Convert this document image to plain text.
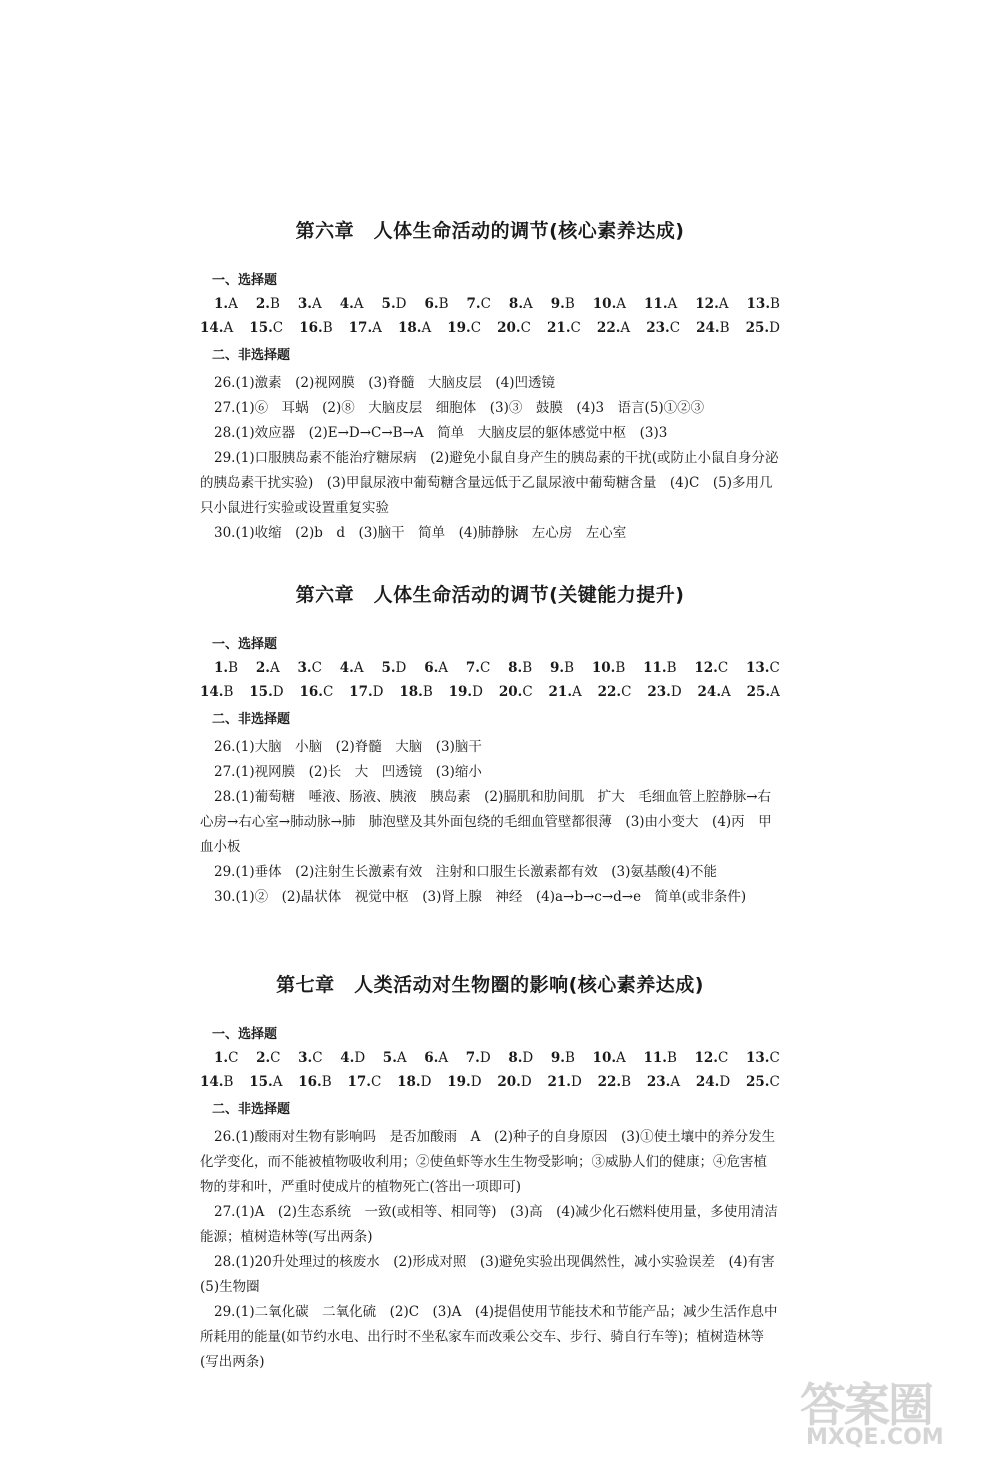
第六章　人体生命活动的调节(核心素养达成)
一、选择题
1.A 2.B 3.A 4.A 5.D 6.B 7.C 8.A 9.B 10.A 11.A 12.A 13.B
14.A 15.C 16.B 17.A 18.A 19.C 20.C 21.C 22.A 23.C 24.B 25.D
二、非选择题

26.(1)激素　(2)视网膜　(3)脊髓　大脑皮层　(4)凹透镜

27.(1)⑥　耳蜗　(2)⑧　大脑皮层　细胞体　(3)③　鼓膜　(4)3　语言(5)①②③

28.(1)效应器　(2)E→D→C→B→A　简单　大脑皮层的躯体感觉中枢　(3)3

29.(1)口服胰岛素不能治疗糖尿病　(2)避免小鼠自身产生的胰岛素的干扰(或防止小鼠自身分泌的胰岛素干扰实验)　(3)甲鼠尿液中葡萄糖含量远低于乙鼠尿液中葡萄糖含量　(4)C　(5)多用几只小鼠进行实验或设置重复实验

30.(1)收缩　(2)b　d　(3)脑干　简单　(4)肺静脉　左心房　左心室

第六章　人体生命活动的调节(关键能力提升)
一、选择题
1.B 2.A 3.C 4.A 5.D 6.A 7.C 8.B 9.B 10.B 11.B 12.C 13.C
14.B 15.D 16.C 17.D 18.B 19.D 20.C 21.A 22.C 23.D 24.A 25.A
二、非选择题

26.(1)大脑　小脑　(2)脊髓　大脑　(3)脑干

27.(1)视网膜　(2)长　大　凹透镜　(3)缩小

28.(1)葡萄糖　唾液、肠液、胰液　胰岛素　(2)膈肌和肋间肌　扩大　毛细血管上腔静脉→右心房→右心室→肺动脉→肺　肺泡壁及其外面包绕的毛细血管壁都很薄　(3)由小变大　(4)丙　甲　血小板

29.(1)垂体　(2)注射生长激素有效　注射和口服生长激素都有效　(3)氨基酸(4)不能

30.(1)②　(2)晶状体　视觉中枢　(3)肾上腺　神经　(4)a→b→c→d→e　简单(或非条件)

第七章　人类活动对生物圈的影响(核心素养达成)
一、选择题
1.C 2.C 3.C 4.D 5.A 6.A 7.D 8.D 9.B 10.A 11.B 12.C 13.C
14.B 15.A 16.B 17.C 18.D 19.D 20.D 21.D 22.B 23.A 24.D 25.C
二、非选择题

26.(1)酸雨对生物有影响吗　是否加酸雨　A　(2)种子的自身原因　(3)①使土壤中的养分发生化学变化，而不能被植物吸收利用；②使鱼虾等水生生物受影响；③威胁人们的健康；④危害植物的芽和叶，严重时使成片的植物死亡(答出一项即可)

27.(1)A　(2)生态系统　一致(或相等、相同等)　(3)高　(4)减少化石燃料使用量，多使用清洁能源；植树造林等(写出两条)

28.(1)20升处理过的核废水　(2)形成对照　(3)避免实验出现偶然性，减小实验误差　(4)有害　(5)生物圈

29.(1)二氧化碳　二氧化硫　(2)C　(3)A　(4)提倡使用节能技术和节能产品；减少生活作息中所耗用的能量(如节约水电、出行时不坐私家车而改乘公交车、步行、骑自行车等)；植树造林等(写出两条)

答案圈
MXQE.COM
